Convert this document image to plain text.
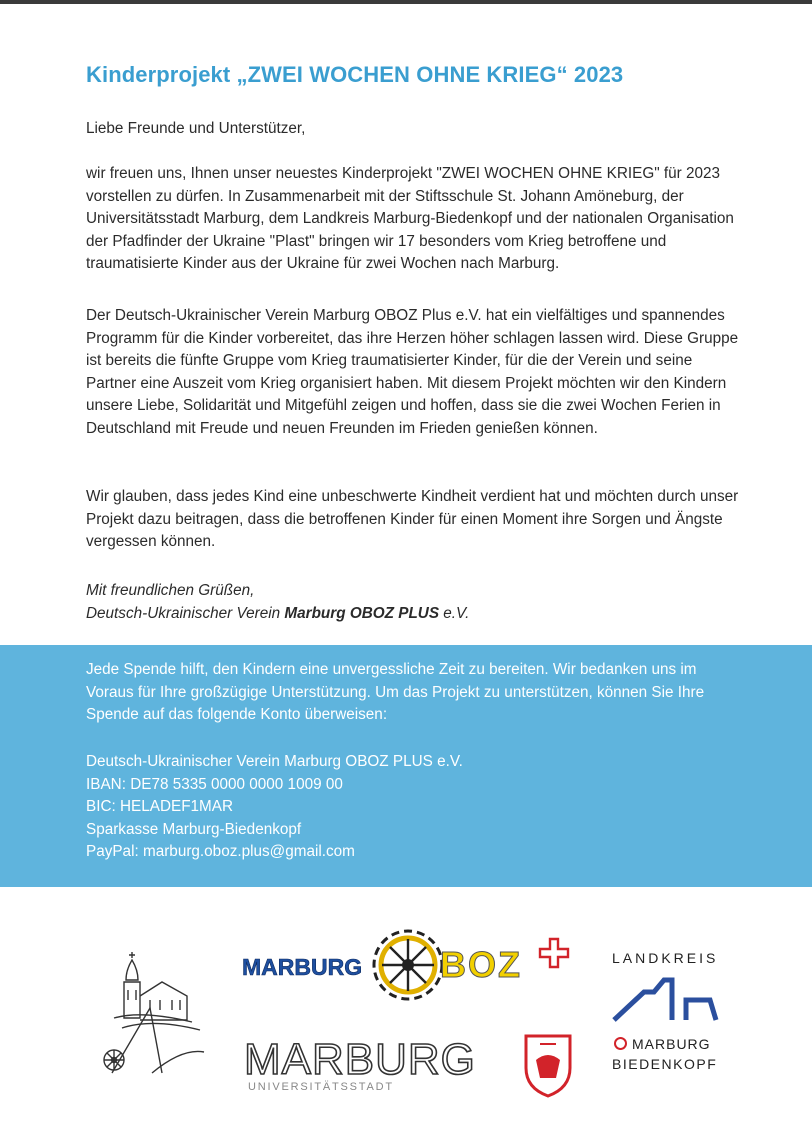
Kinderprojekt „ZWEI WOCHEN OHNE KRIEG“ 2023
Liebe Freunde und Unterstützer,
wir freuen uns, Ihnen unser neuestes Kinderprojekt "ZWEI WOCHEN OHNE KRIEG" für 2023 vorstellen zu dürfen. In Zusammenarbeit mit der Stiftsschule St. Johann Amöneburg, der Universitätsstadt Marburg, dem Landkreis Marburg-Biedenkopf und der nationalen Organisation der Pfadfinder der Ukraine "Plast" bringen wir 17 besonders vom Krieg betroffene und traumatisierte Kinder aus der Ukraine für zwei Wochen nach Marburg.
Der Deutsch-Ukrainischer Verein Marburg OBOZ Plus e.V. hat ein vielfältiges und spannendes Programm für die Kinder vorbereitet, das ihre Herzen höher schlagen lassen wird. Diese Gruppe ist bereits die fünfte Gruppe vom Krieg traumatisierter Kinder, für die der Verein und seine Partner eine Auszeit vom Krieg organisiert haben. Mit diesem Projekt möchten wir den Kindern unsere Liebe, Solidarität und Mitgefühl zeigen und hoffen, dass sie die zwei Wochen Ferien in Deutschland mit Freude und neuen Freunden im Frieden genießen können.
Wir glauben, dass jedes Kind eine unbeschwerte Kindheit verdient hat und möchten durch unser Projekt dazu beitragen, dass die betroffenen Kinder für einen Moment ihre Sorgen und Ängste vergessen können.
Mit freundlichen Grüßen,
Deutsch-Ukrainischer Verein Marburg OBOZ PLUS e.V.
Jede Spende hilft, den Kindern eine unvergessliche Zeit zu bereiten. Wir bedanken uns im Voraus für Ihre großzügige Unterstützung. Um das Projekt zu unterstützen, können Sie Ihre Spende auf das folgende Konto überweisen:
Deutsch-Ukrainischer Verein Marburg OBOZ PLUS e.V.
IBAN: DE78 5335 0000 0000 1009 00
BIC: HELADEF1MAR
Sparkasse Marburg-Biedenkopf
PayPal: marburg.oboz.plus@gmail.com
MARBURG BOZ
MARBURG
UNIVERSITÄTSSTADT
LANDKREIS
MARBURG
BIEDENKOPF
